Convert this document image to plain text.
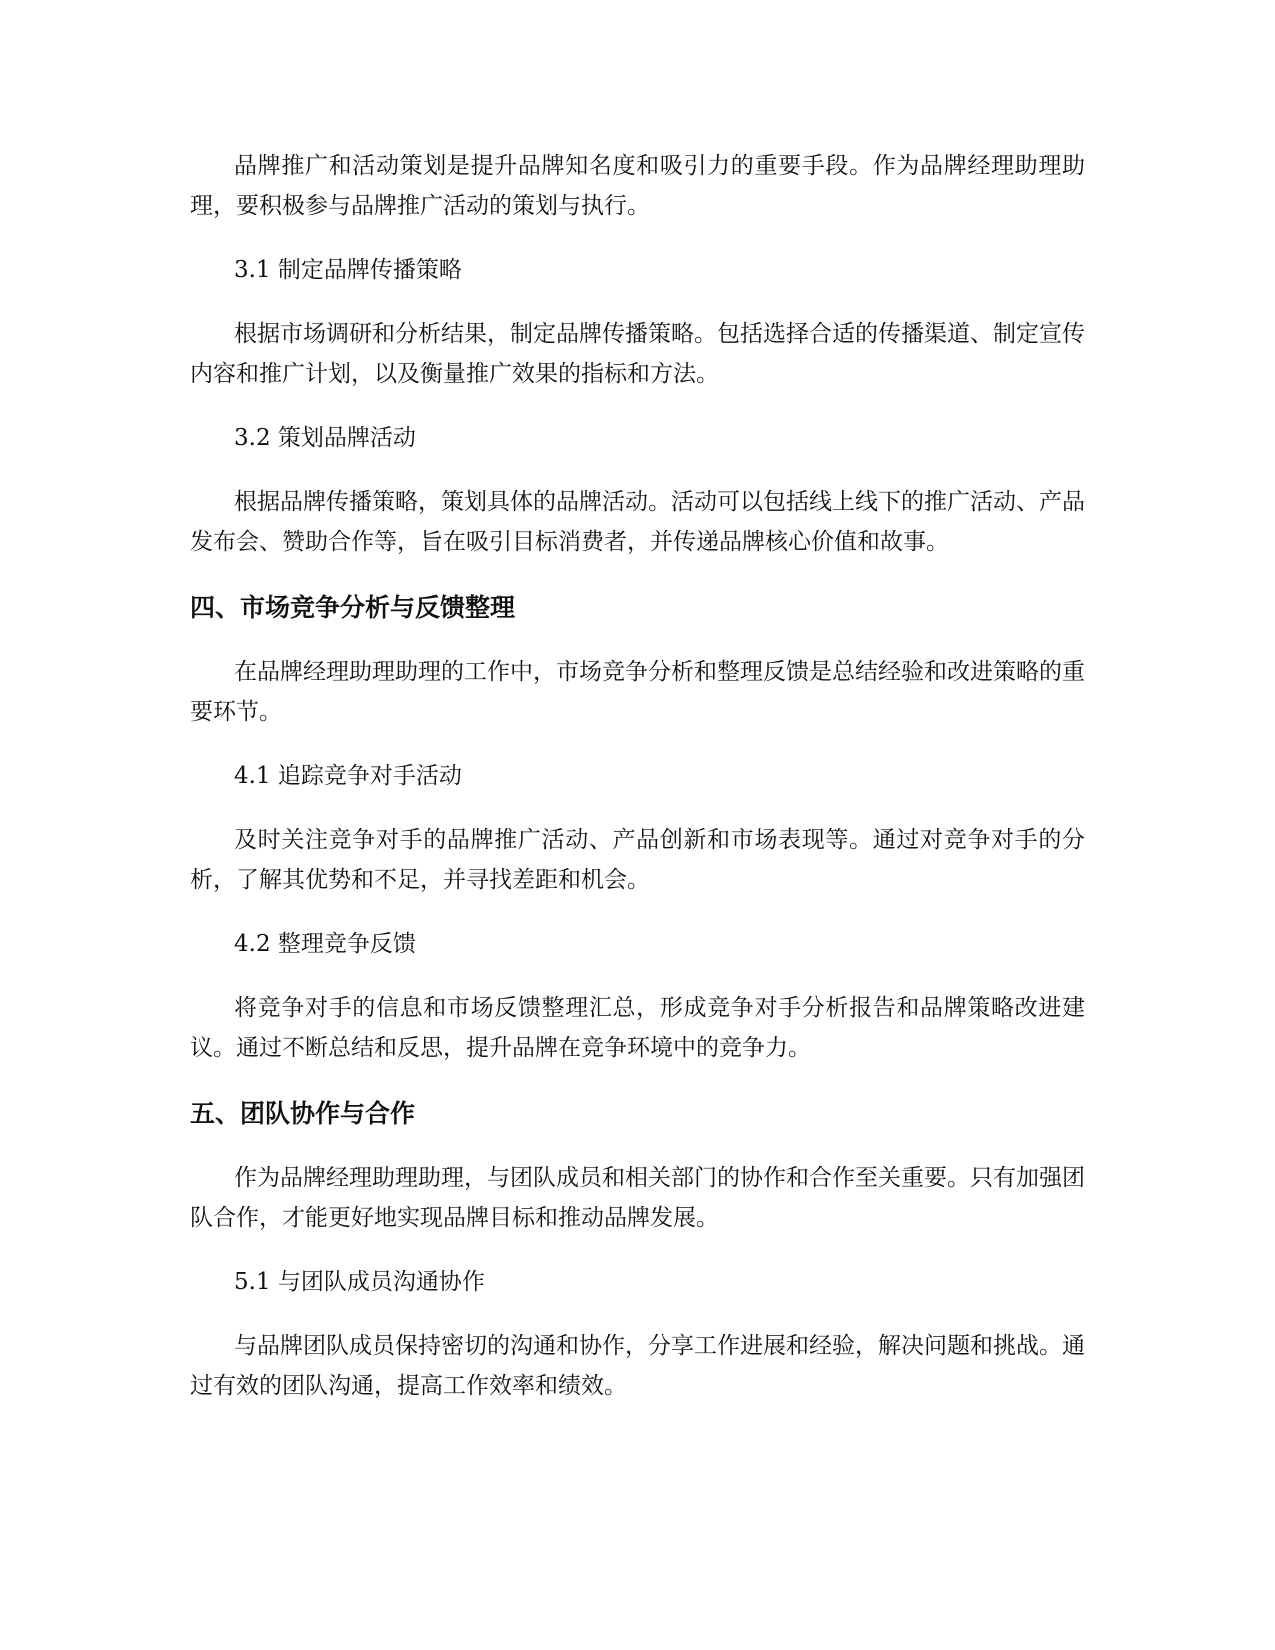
品牌推广和活动策划是提升品牌知名度和吸引力的重要手段。作为品牌经理助理助理，要积极参与品牌推广活动的策划与执行。

3.1 制定品牌传播策略

根据市场调研和分析结果，制定品牌传播策略。包括选择合适的传播渠道、制定宣传内容和推广计划，以及衡量推广效果的指标和方法。

3.2 策划品牌活动

根据品牌传播策略，策划具体的品牌活动。活动可以包括线上线下的推广活动、产品发布会、赞助合作等，旨在吸引目标消费者，并传递品牌核心价值和故事。

四、市场竞争分析与反馈整理

在品牌经理助理助理的工作中，市场竞争分析和整理反馈是总结经验和改进策略的重要环节。

4.1 追踪竞争对手活动

及时关注竞争对手的品牌推广活动、产品创新和市场表现等。通过对竞争对手的分析，了解其优势和不足，并寻找差距和机会。

4.2 整理竞争反馈

将竞争对手的信息和市场反馈整理汇总，形成竞争对手分析报告和品牌策略改进建议。通过不断总结和反思，提升品牌在竞争环境中的竞争力。

五、团队协作与合作

作为品牌经理助理助理，与团队成员和相关部门的协作和合作至关重要。只有加强团队合作，才能更好地实现品牌目标和推动品牌发展。

5.1 与团队成员沟通协作

与品牌团队成员保持密切的沟通和协作，分享工作进展和经验，解决问题和挑战。通过有效的团队沟通，提高工作效率和绩效。
